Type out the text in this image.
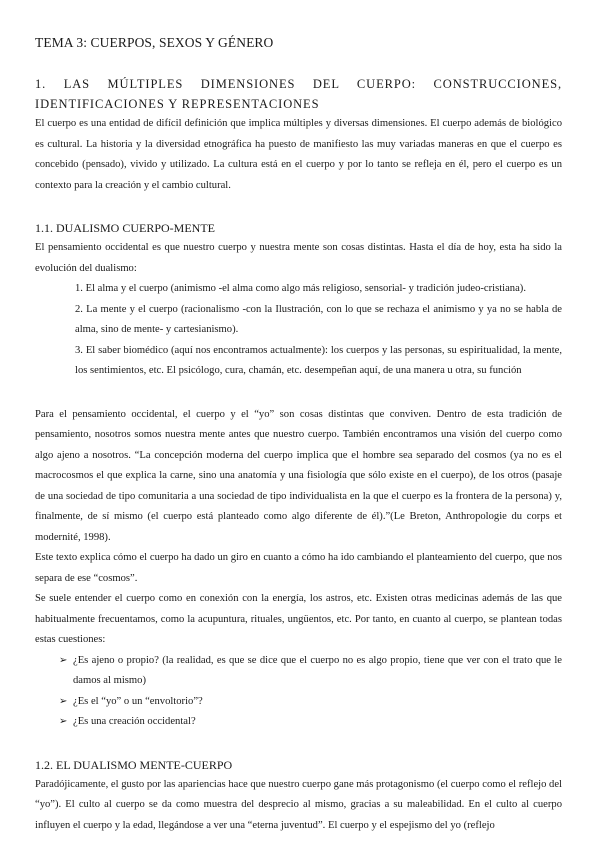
TEMA 3: CUERPOS, SEXOS Y GÉNERO
1. LAS MÚLTIPLES DIMENSIONES DEL CUERPO: CONSTRUCCIONES, IDENTIFICACIONES Y REPRESENTACIONES

El cuerpo es una entidad de difícil definición que implica múltiples y diversas dimensiones. El cuerpo además de biológico es cultural. La historia y la diversidad etnográfica ha puesto de manifiesto las muy variadas maneras en que el cuerpo es concebido (pensado), vivido y utilizado. La cultura está en el cuerpo y por lo tanto se refleja en él, pero el cuerpo es un contexto para la creación y el cambio cultural.

1.1. DUALISMO CUERPO-MENTE

El pensamiento occidental es que nuestro cuerpo y nuestra mente son cosas distintas. Hasta el día de hoy, esta ha sido la evolución del dualismo:

1. El alma y el cuerpo (animismo -el alma como algo más religioso, sensorial- y tradición judeo-cristiana).
2. La mente y el cuerpo (racionalismo -con la Ilustración, con lo que se rechaza el animismo y ya no se habla de alma, sino de mente- y cartesianismo).
3. El saber biomédico (aquí nos encontramos actualmente): los cuerpos y las personas, su espiritualidad, la mente, los sentimientos, etc. El psicólogo, cura, chamán, etc. desempeñan aquí, de una manera u otra, su función

Para el pensamiento occidental, el cuerpo y el “yo” son cosas distintas que conviven. Dentro de esta tradición de pensamiento, nosotros somos nuestra mente antes que nuestro cuerpo. También encontramos una visión del cuerpo como algo ajeno a nosotros. “La concepción moderna del cuerpo implica que el hombre sea separado del cosmos (ya no es el macrocosmos el que explica la carne, sino una anatomía y una fisiología que sólo existe en el cuerpo), de los otros (pasaje de una sociedad de tipo comunitaria a una sociedad de tipo individualista en la que el cuerpo es la frontera de la persona) y, finalmente, de sí mismo (el cuerpo está planteado como algo diferente de él).”(Le Breton, Anthropologie du corps et modernité, 1998).

Este texto explica cómo el cuerpo ha dado un giro en cuanto a cómo ha ido cambiando el planteamiento del cuerpo, que nos separa de ese “cosmos”.

Se suele entender el cuerpo como en conexión con la energía, los astros, etc. Existen otras medicinas además de las que habitualmente frecuentamos, como la acupuntura, rituales, ungüentos, etc. Por tanto, en cuanto al cuerpo, se plantean todas estas cuestiones:

➢ ¿Es ajeno o propio? (la realidad, es que se dice que el cuerpo no es algo propio, tiene que ver con el trato que le damos al mismo)
➢ ¿Es el “yo” o un “envoltorio”?
➢ ¿Es una creación occidental?
1.2. EL DUALISMO MENTE-CUERPO

Paradójicamente, el gusto por las apariencias hace que nuestro cuerpo gane más protagonismo (el cuerpo como el reflejo del “yo”). El culto al cuerpo se da como muestra del desprecio al mismo, gracias a su maleabilidad. En el culto al cuerpo influyen el cuerpo y la edad, llegándose a ver una “eterna juventud”. El cuerpo y el espejismo del yo (reflejo
